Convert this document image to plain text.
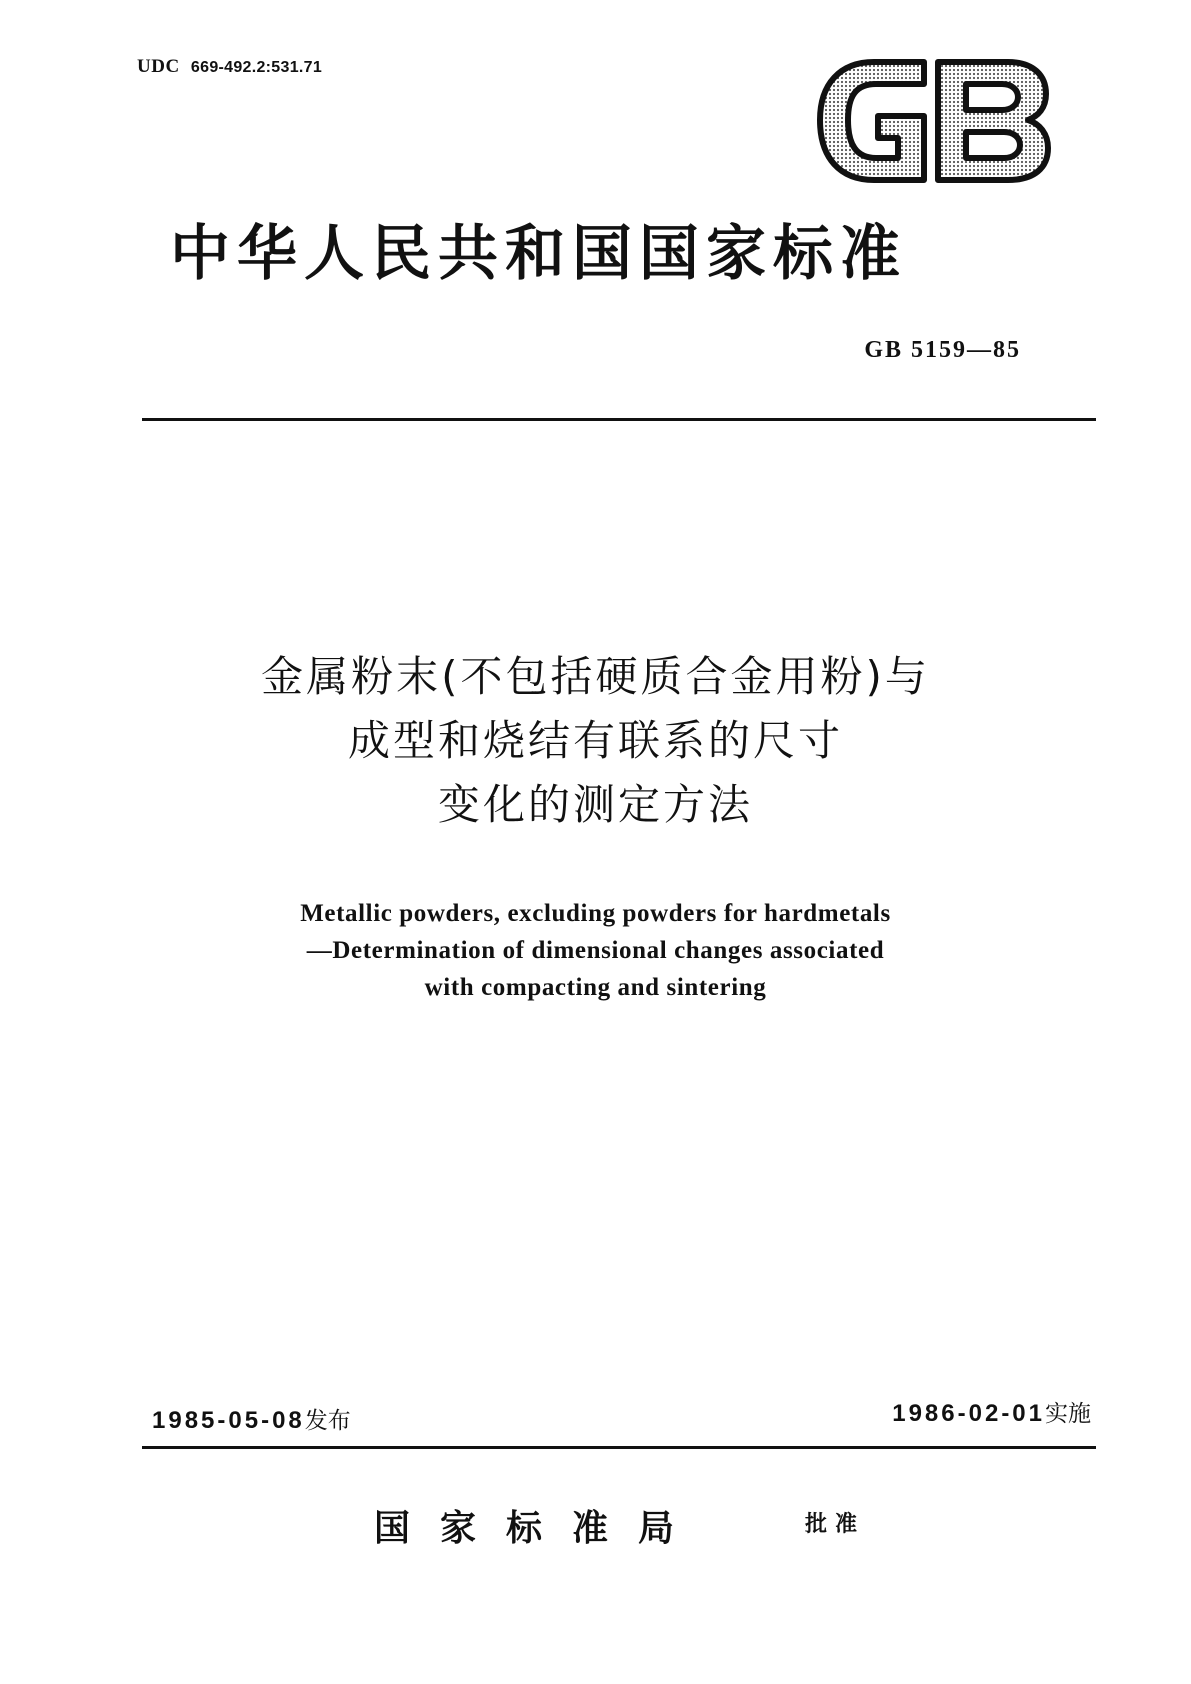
UDC 669-492.2:531.71
中华人民共和国国家标准
GB 5159—85
金属粉末(不包括硬质合金用粉)与
成型和烧结有联系的尺寸
变化的测定方法
Metallic powders, excluding powders for hardmetals
—Determination of dimensional changes associated
with compacting and sintering
1985-05-08发布	1986-02-01实施
国家标准局	批准
